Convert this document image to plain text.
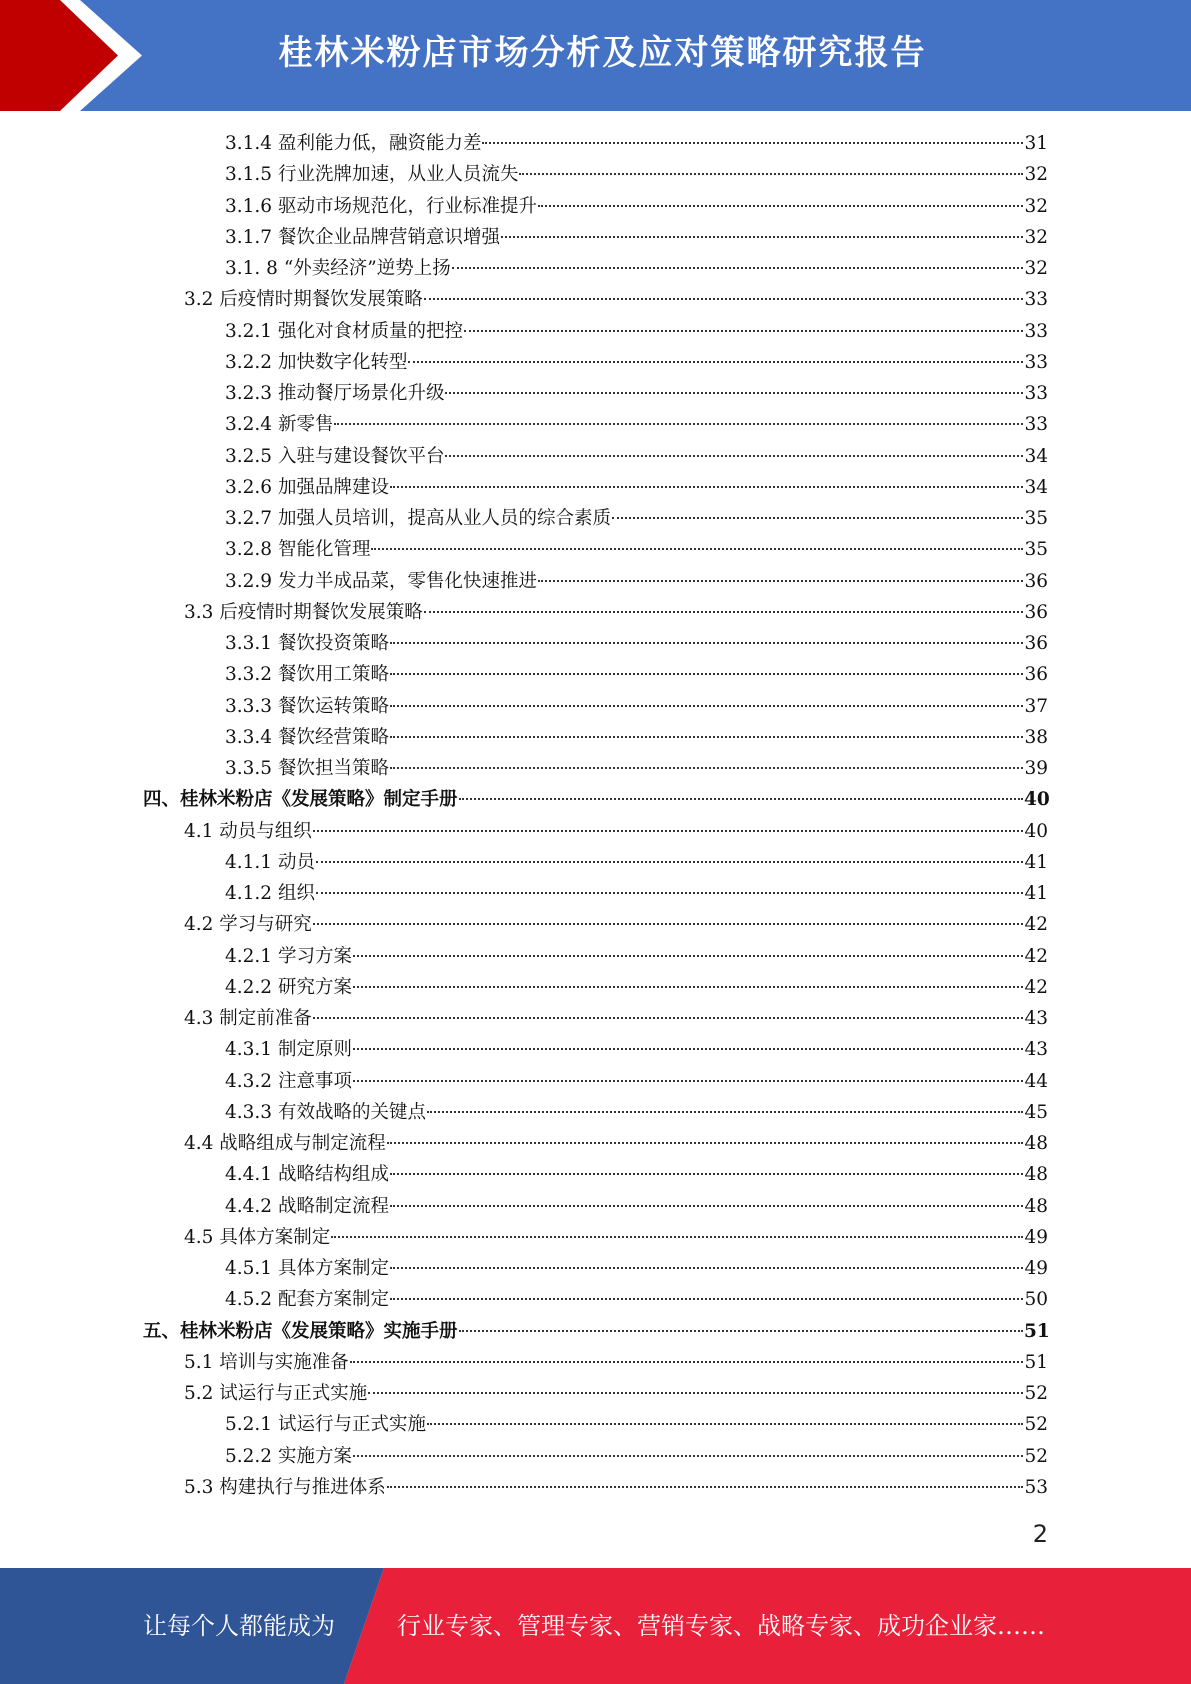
桂林米粉店市场分析及应对策略研究报告
3.1.4 盈利能力低，融资能力差	31
3.1.5 行业洗牌加速，从业人员流失	32
3.1.6 驱动市场规范化，行业标准提升	32
3.1.7 餐饮企业品牌营销意识增强	32
3.1. 8 “外卖经济”逆势上扬	32
3.2 后疫情时期餐饮发展策略	33
3.2.1 强化对食材质量的把控	33
3.2.2 加快数字化转型	33
3.2.3 推动餐厅场景化升级	33
3.2.4 新零售	33
3.2.5 入驻与建设餐饮平台	34
3.2.6 加强品牌建设	34
3.2.7 加强人员培训，提高从业人员的综合素质	35
3.2.8 智能化管理	35
3.2.9 发力半成品菜，零售化快速推进	36
3.3 后疫情时期餐饮发展策略	36
3.3.1 餐饮投资策略	36
3.3.2 餐饮用工策略	36
3.3.3 餐饮运转策略	37
3.3.4 餐饮经营策略	38
3.3.5 餐饮担当策略	39
四、桂林米粉店《发展策略》制定手册	40
4.1 动员与组织	40
4.1.1 动员	41
4.1.2 组织	41
4.2 学习与研究	42
4.2.1 学习方案	42
4.2.2 研究方案	42
4.3 制定前准备	43
4.3.1 制定原则	43
4.3.2 注意事项	44
4.3.3 有效战略的关键点	45
4.4 战略组成与制定流程	48
4.4.1 战略结构组成	48
4.4.2 战略制定流程	48
4.5 具体方案制定	49
4.5.1 具体方案制定	49
4.5.2 配套方案制定	50
五、桂林米粉店《发展策略》实施手册	51
5.1 培训与实施准备	51
5.2 试运行与正式实施	52
5.2.1 试运行与正式实施	52
5.2.2 实施方案	52
5.3 构建执行与推进体系	53
2
让每个人都能成为	行业专家、管理专家、营销专家、战略专家、成功企业家……
